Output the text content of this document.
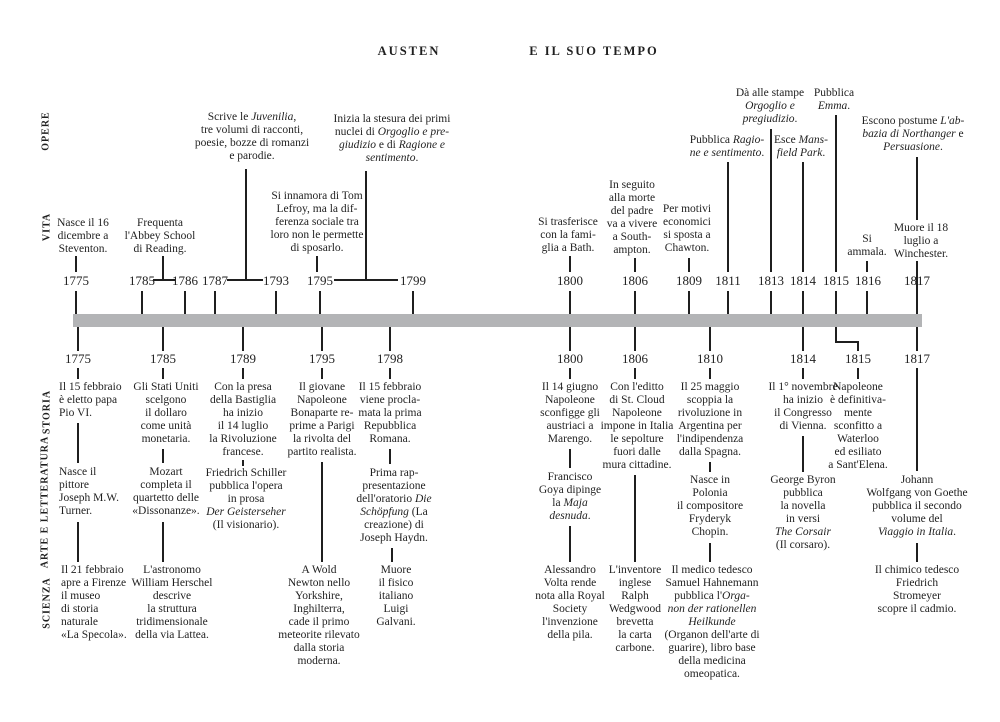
AUSTEN	E IL SUO TEMPO
OPERE
VITA
STORIA
ARTE E LETTERATURA
SCIENZA
Scrive le Juvenilia,
tre volumi di racconti,
poesie, bozze di romanzi
e parodie.
Inizia la stesura dei primi
nuclei di Orgoglio e pre-
giudizio e di Ragione e
sentimento.
Pubblica Ragio-
ne e sentimento.
Dà alle stampe
Orgoglio e
pregiudizio.
Esce Mans-
field Park.
Pubblica
Emma.
Escono postume L'ab-
bazia di Northanger e
Persuasione.
Nasce il 16
dicembre a
Steventon.
Frequenta
l'Abbey School
di Reading.
Si innamora di Tom
Lefroy, ma la dif-
ferenza sociale tra
loro non le permette
di sposarlo.
Si trasferisce
con la fami-
glia a Bath.
In seguito
alla morte
del padre
va a vivere
a South-
ampton.
Per motivi
economici
si sposta a
Chawton.
Si
ammala.
Muore il 18
luglio a
Winchester.
1775	1785 1786 1787	1793 1795	1799	1800	1806 1809 1811 1813 1814 1815 1816 1817
1775	1785	1789	1795	1798	1800	1806	1810	1814 1815	1817
Il 15 febbraio
è eletto papa
Pio VI.
Gli Stati Uniti
scelgono
il dollaro
come unità
monetaria.
Con la presa
della Bastiglia
ha inizio
il 14 luglio
la Rivoluzione
francese.
Il giovane
Napoleone
Bonaparte re-
prime a Parigi
la rivolta del
partito realista.
Il 15 febbraio
viene procla-
mata la prima
Repubblica
Romana.
Il 14 giugno
Napoleone
sconfigge gli
austriaci a
Marengo.
Con l'editto
di St. Cloud
Napoleone
impone in Italia
le sepolture
fuori dalle
mura cittadine.
Il 25 maggio
scoppia la
rivoluzione in
Argentina per
l'indipendenza
dalla Spagna.
Il 1° novembre
ha inizio
il Congresso
di Vienna.
Napoleone
è definitiva-
mente
sconfitto a
Waterloo
ed esiliato
a Sant'Elena.
Nasce il
pittore
Joseph M.W.
Turner.
Mozart
completa il
quartetto delle
«Dissonanze».
Friedrich Schiller
pubblica l'opera
in prosa
Der Geisterseher
(Il visionario).
Prima rap-
presentazione
dell'oratorio Die
Schöpfung (La
creazione) di
Joseph Haydn.
Francisco
Goya dipinge
la Maja
desnuda.
Nasce in
Polonia
il compositore
Fryderyk
Chopin.
George Byron
pubblica
la novella
in versi
The Corsair
(Il corsaro).
Johann
Wolfgang von Goethe
pubblica il secondo
volume del
Viaggio in Italia.
Il 21 febbraio
apre a Firenze
il museo
di storia
naturale
«La Specola».
L'astronomo
William Herschel
descrive
la struttura
tridimensionale
della via Lattea.
A Wold
Newton nello
Yorkshire,
Inghilterra,
cade il primo
meteorite rilevato
dalla storia
moderna.
Muore
il fisico
italiano
Luigi
Galvani.
Alessandro
Volta rende
nota alla Royal
Society
l'invenzione
della pila.
L'inventore
inglese
Ralph
Wedgwood
brevetta
la carta
carbone.
Il medico tedesco
Samuel Hahnemann
pubblica l'Orga-
non der rationellen
Heilkunde
(Organon dell'arte di
guarire), libro base
della medicina
omeopatica.
Il chimico tedesco
Friedrich
Stromeyer
scopre il cadmio.
